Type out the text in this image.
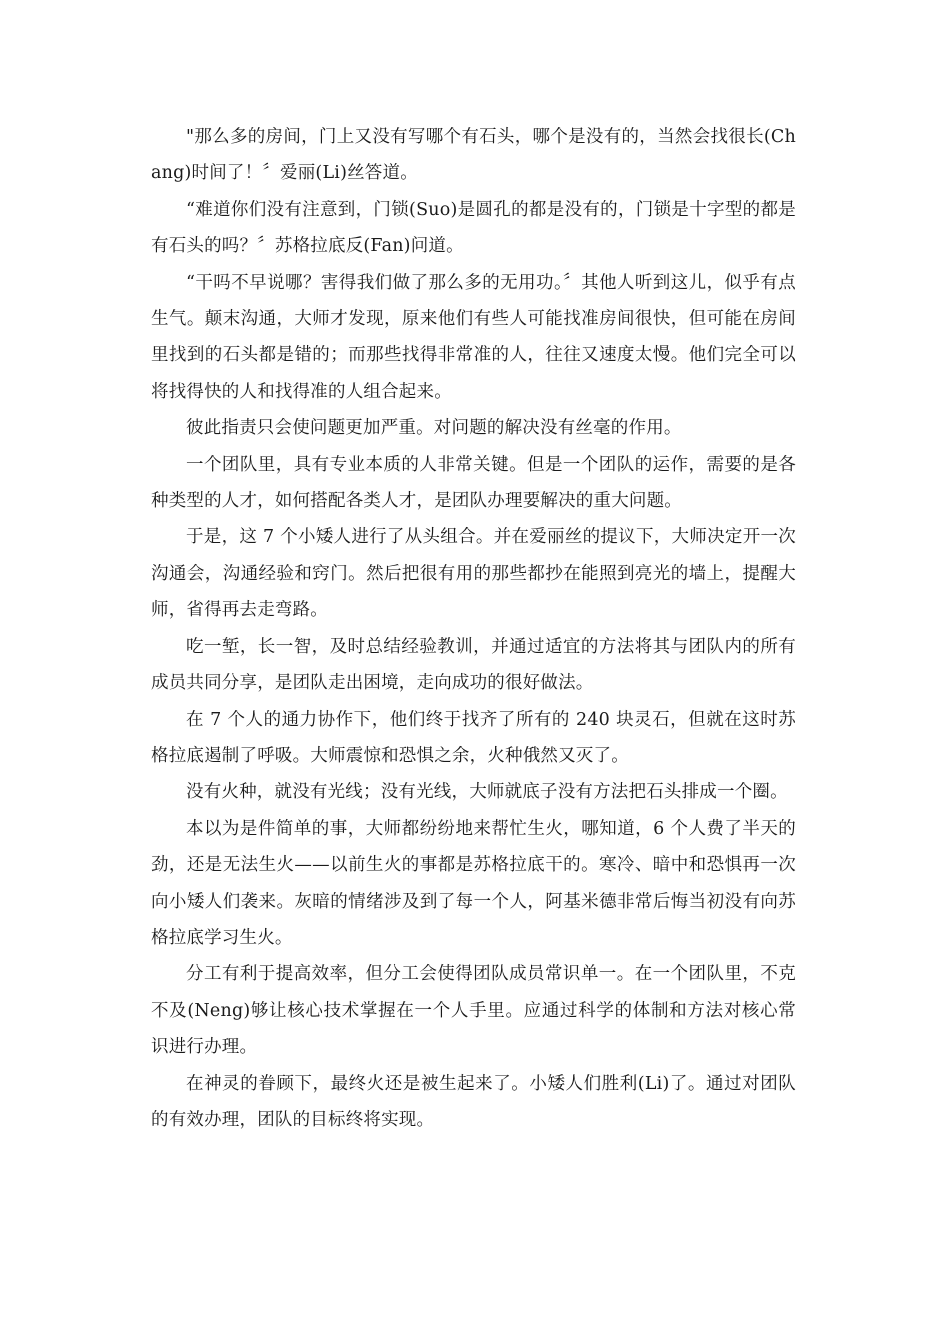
"那么多的房间，门上又没有写哪个有石头，哪个是没有的，当然会找很长(Chang)时间了！〞爱丽(Li)丝答道。

“难道你们没有注意到，门锁(Suo)是圆孔的都是没有的，门锁是十字型的都是有石头的吗？〞苏格拉底反(Fan)问道。

“干吗不早说哪？害得我们做了那么多的无用功。〞其他人听到这儿，似乎有点生气。颠末沟通，大师才发现，原来他们有些人可能找准房间很快，但可能在房间里找到的石头都是错的；而那些找得非常准的人，往往又速度太慢。他们完全可以将找得快的人和找得准的人组合起来。

彼此指责只会使问题更加严重。对问题的解决没有丝毫的作用。

一个团队里，具有专业本质的人非常关键。但是一个团队的运作，需要的是各种类型的人才，如何搭配各类人才，是团队办理要解决的重大问题。

于是，这 7 个小矮人进行了从头组合。并在爱丽丝的提议下，大师决定开一次沟通会，沟通经验和窍门。然后把很有用的那些都抄在能照到亮光的墙上，提醒大师，省得再去走弯路。

吃一堑，长一智，及时总结经验教训，并通过适宜的方法将其与团队内的所有成员共同分享，是团队走出困境，走向成功的很好做法。

在 7 个人的通力协作下，他们终于找齐了所有的 240 块灵石，但就在这时苏格拉底遏制了呼吸。大师震惊和恐惧之余，火种俄然又灭了。

没有火种，就没有光线；没有光线，大师就底子没有方法把石头排成一个圈。

本以为是件简单的事，大师都纷纷地来帮忙生火，哪知道，6 个人费了半天的劲，还是无法生火——以前生火的事都是苏格拉底干的。寒冷、暗中和恐惧再一次向小矮人们袭来。灰暗的情绪涉及到了每一个人，阿基米德非常后悔当初没有向苏格拉底学习生火。

分工有利于提高效率，但分工会使得团队成员常识单一。在一个团队里，不克不及(Neng)够让核心技术掌握在一个人手里。应通过科学的体制和方法对核心常识进行办理。

在神灵的眷顾下，最终火还是被生起来了。小矮人们胜利(Li)了。通过对团队的有效办理，团队的目标终将实现。
